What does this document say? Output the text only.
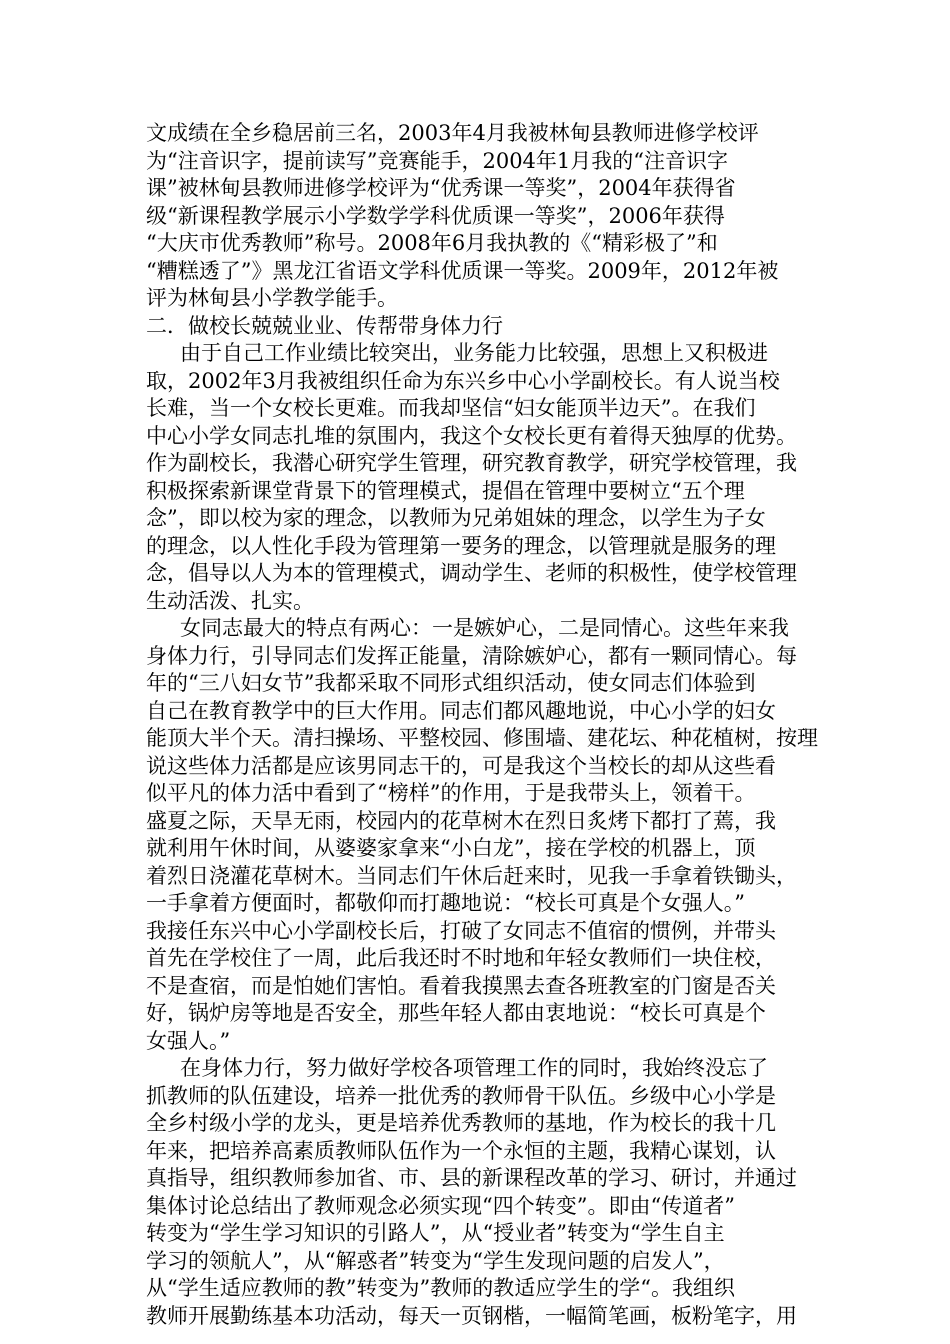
文成绩在全乡稳居前三名，2003年4月我被林甸县教师进修学校评
为“注音识字，提前读写”竞赛能手，2004年1月我的“注音识字
课”被林甸县教师进修学校评为“优秀课一等奖”，2004年获得省
级“新课程教学展示小学数学学科优质课一等奖”，2006年获得
“大庆市优秀教师”称号。2008年6月我执教的《“精彩极了”和
“糟糕透了”》黑龙江省语文学科优质课一等奖。2009年，2012年被
评为林甸县小学教学能手。
二．做校长兢兢业业、传帮带身体力行
由于自己工作业绩比较突出，业务能力比较强，思想上又积极进
取，2002年3月我被组织任命为东兴乡中心小学副校长。有人说当校
长难，当一个女校长更难。而我却坚信“妇女能顶半边天”。在我们
中心小学女同志扎堆的氛围内，我这个女校长更有着得天独厚的优势。
作为副校长，我潜心研究学生管理，研究教育教学，研究学校管理，我
积极探索新课堂背景下的管理模式，提倡在管理中要树立“五个理
念”，即以校为家的理念，以教师为兄弟姐妹的理念，以学生为子女
的理念，以人性化手段为管理第一要务的理念，以管理就是服务的理
念，倡导以人为本的管理模式，调动学生、老师的积极性，使学校管理
生动活泼、扎实。
女同志最大的特点有两心：一是嫉妒心，二是同情心。这些年来我
身体力行，引导同志们发挥正能量，清除嫉妒心，都有一颗同情心。每
年的“三八妇女节”我都采取不同形式组织活动，使女同志们体验到
自己在教育教学中的巨大作用。同志们都风趣地说，中心小学的妇女
能顶大半个天。清扫操场、平整校园、修围墙、建花坛、种花植树，按理
说这些体力活都是应该男同志干的，可是我这个当校长的却从这些看
似平凡的体力活中看到了“榜样”的作用，于是我带头上，领着干。
盛夏之际，天旱无雨，校园内的花草树木在烈日炙烤下都打了蔫，我
就利用午休时间，从婆婆家拿来“小白龙”，接在学校的机器上，顶
着烈日浇灌花草树木。当同志们午休后赶来时，见我一手拿着铁锄头，
一手拿着方便面时，都敬仰而打趣地说：“校长可真是个女强人。”
我接任东兴中心小学副校长后，打破了女同志不值宿的惯例，并带头
首先在学校住了一周，此后我还时不时地和年轻女教师们一块住校，
不是查宿，而是怕她们害怕。看着我摸黑去查各班教室的门窗是否关
好，锅炉房等地是否安全，那些年轻人都由衷地说：“校长可真是个
女强人。”
在身体力行，努力做好学校各项管理工作的同时，我始终没忘了
抓教师的队伍建设，培养一批优秀的教师骨干队伍。乡级中心小学是
全乡村级小学的龙头，更是培养优秀教师的基地，作为校长的我十几
年来，把培养高素质教师队伍作为一个永恒的主题，我精心谋划，认
真指导，组织教师参加省、市、县的新课程改革的学习、研讨，并通过
集体讨论总结出了教师观念必须实现“四个转变”。即由“传道者”
转变为“学生学习知识的引路人”，从“授业者”转变为“学生自主
学习的领航人”，从“解惑者”转变为“学生发现问题的启发人”，
从“学生适应教师的教”转变为”教师的教适应学生的学“。我组织
教师开展勤练基本功活动，每天一页钢楷，一幅简笔画，板粉笔字，用
